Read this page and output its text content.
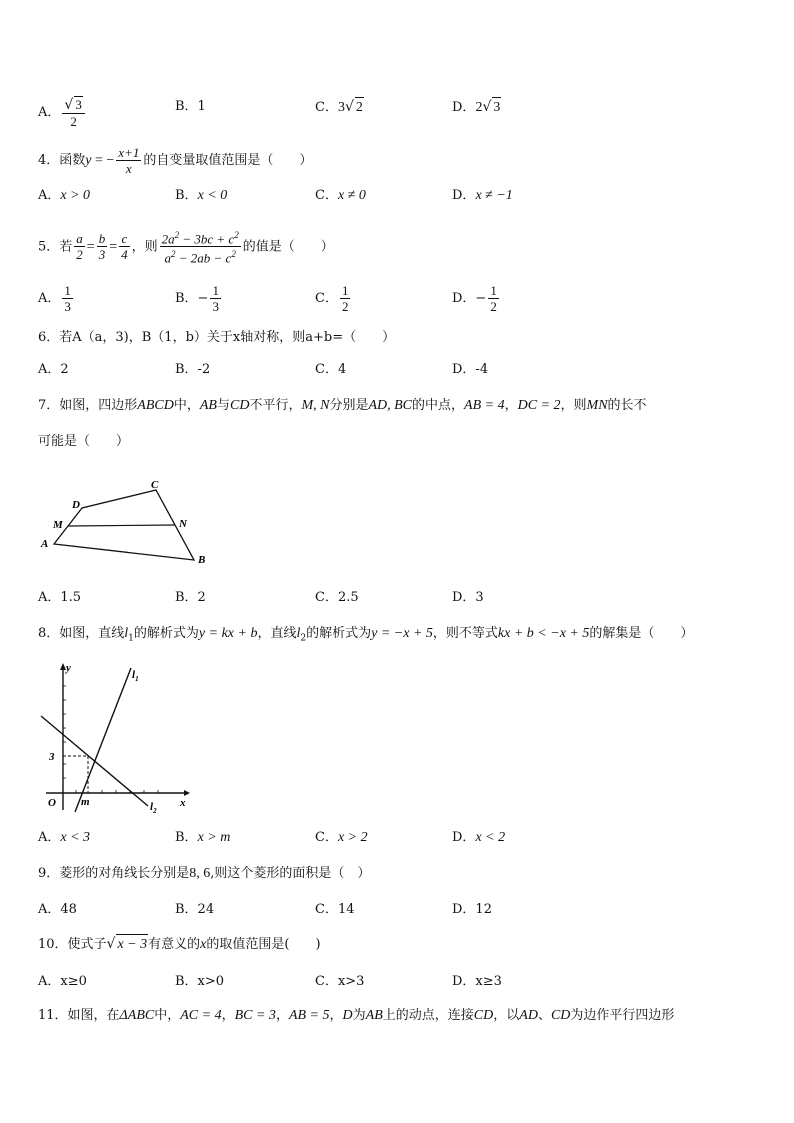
A． $\frac{√ 3}{2}$	B．1	C．3√ 2	D．2√ 3
4．函数y = − $\frac{x+1}{x}$ 的自变量取值范围是（　　）
A．x > 0	B．x < 0	C．x ≠ 0	D．x ≠ −1
5．若 $\frac{a}{2} = \frac{b}{3} = \frac{c}{4}$ ，则 $\frac{2a^2 - 3bc + c^2}{a^2 - 2ab - c^2}$ 的值是（　　）
A． $\frac{1}{3}$	B．− $\frac{1}{3}$	C． $\frac{1}{2}$	D．− $\frac{1}{2}$
6．若A（a，3)，B（1，b）关于x轴对称，则a+b=（　　）
A．2	B．-2	C．4	D．-4
7．如图，四边形ABCD中，AB与CD不平行，M, N分别是AD, BC的中点，AB = 4，DC = 2，则MN的长不
可能是（　　）
A
M
D
C
N
B
A．1.5	B．2	C．2.5	D．3
8．如图，直线$l_1$的解析式为y = kx + b，直线$l_2$的解析式为y = −x + 5，则不等式kx + b < −x + 5的解集是（　　）
y
x
O
3
m
$l_1$
$l_2$
A．x < 3	B．x > m	C．x > 2	D．x < 2
9．菱形的对角线长分别是8, 6,则这个菱形的面积是（　）
A．48	B．24	C．14	D．12
10．使式子√ x − 3有意义的x的取值范围是(　　)
A．x≥0	B．x>0	C．x>3	D．x≥3
11．如图，在ΔABC中，AC = 4，BC = 3，AB = 5，D为AB上的动点，连接CD，以AD、CD为边作平行四边形
